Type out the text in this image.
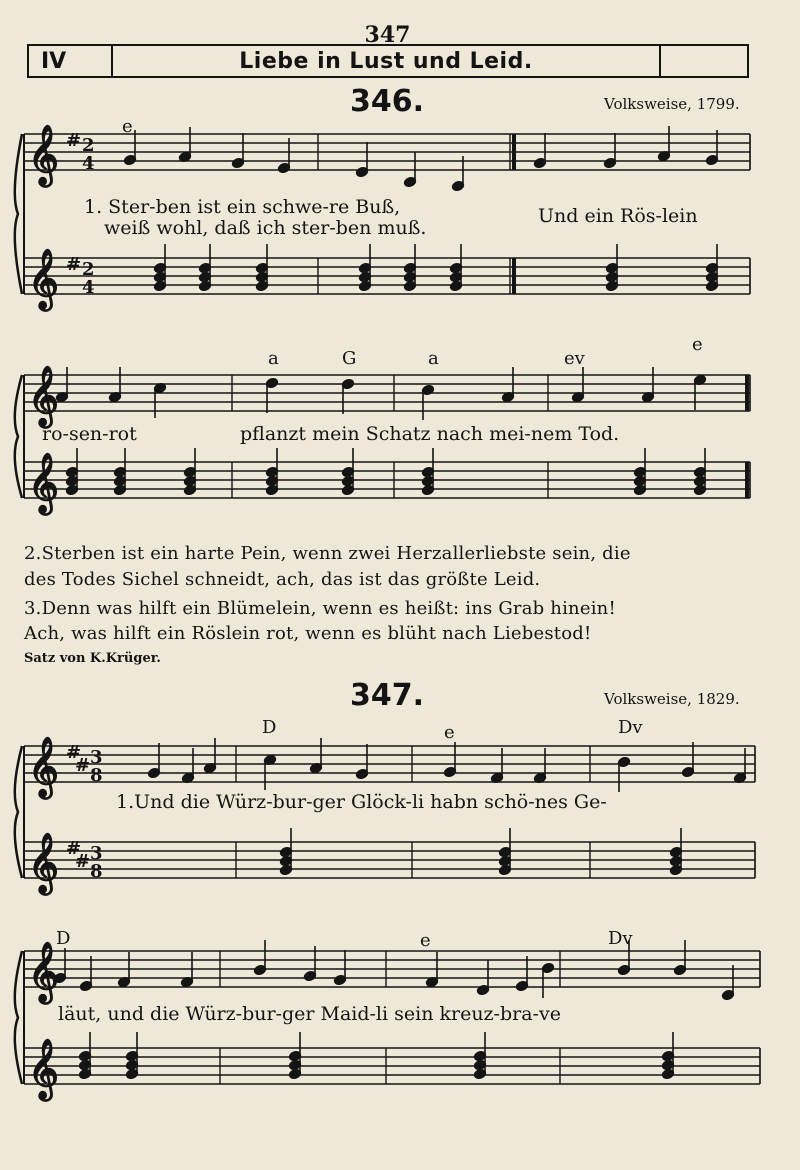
347
IV	Liebe in Lust und Leid.
346.	Volksweise, 1799.
e
1. Ster-ben ist ein schwe-re Buß,
weiß wohl, daß ich ster-ben muß.
Und ein Rös-lein
a	G	a	ev
e
ro-sen-rot	pflanzt mein Schatz nach mei-nem Tod.
2.Sterben ist ein harte Pein, wenn zwei Herzallerliebste sein, die
des Todes Sichel schneidt, ach, das ist das größte Leid.
3.Denn was hilft ein Blümelein, wenn es heißt: ins Grab hinein!
Ach, was hilft ein Röslein rot, wenn es blüht nach Liebestod!
Satz von K.Krüger.
347.	Volksweise, 1829.
D	e	Dv
1.Und die Würz-bur-ger Glöck-li habn schö-nes Ge-
D	e	Dv
läut, und die Würz-bur-ger Maid-li sein kreuz-bra-ve
𝄞
𝄞
#
#
2
4
2
4
𝄞
𝄞
𝄞
𝄞
#
#
#
#
3
8
3
8
𝄞
𝄞
